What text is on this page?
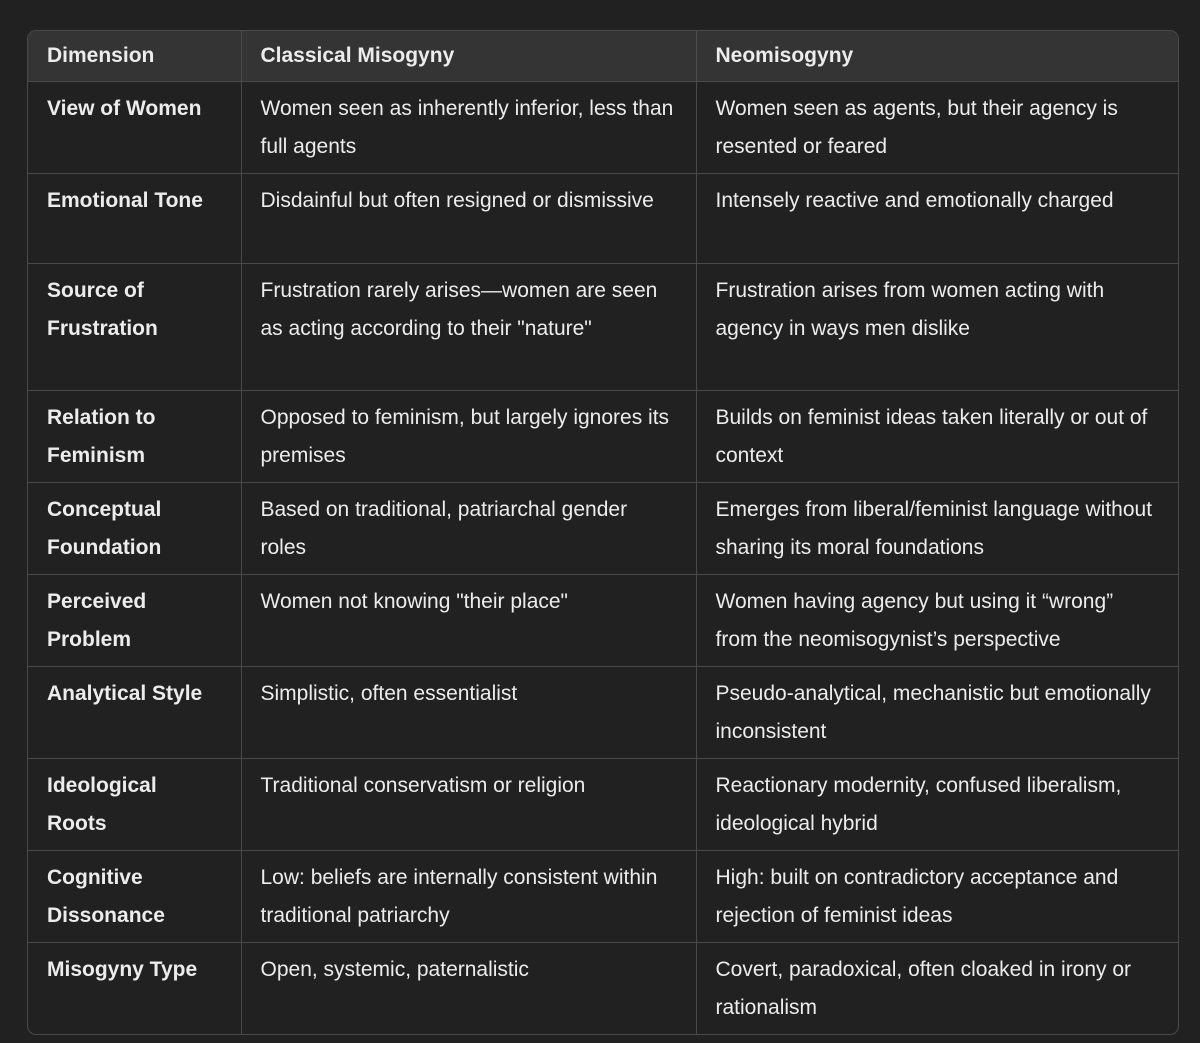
Dimension	Classical Misogyny	Neomisogyny
View of Women	Women seen as inherently inferior, less than full agents	Women seen as agents, but their agency is resented or feared
Emotional Tone	Disdainful but often resigned or dismissive	Intensely reactive and emotionally charged
Source of Frustration	Frustration rarely arises—women are seen as acting according to their "nature"	Frustration arises from women acting with agency in ways men dislike
Relation to Feminism	Opposed to feminism, but largely ignores its premises	Builds on feminist ideas taken literally or out of context
Conceptual Foundation	Based on traditional, patriarchal gender roles	Emerges from liberal/feminist language without sharing its moral foundations
Perceived Problem	Women not knowing "their place"	Women having agency but using it “wrong” from the neomisogynist’s perspective
Analytical Style	Simplistic, often essentialist	Pseudo-analytical, mechanistic but emotionally inconsistent
Ideological Roots	Traditional conservatism or religion	Reactionary modernity, confused liberalism, ideological hybrid
Cognitive Dissonance	Low: beliefs are internally consistent within traditional patriarchy	High: built on contradictory acceptance and rejection of feminist ideas
Misogyny Type	Open, systemic, paternalistic	Covert, paradoxical, often cloaked in irony or rationalism
